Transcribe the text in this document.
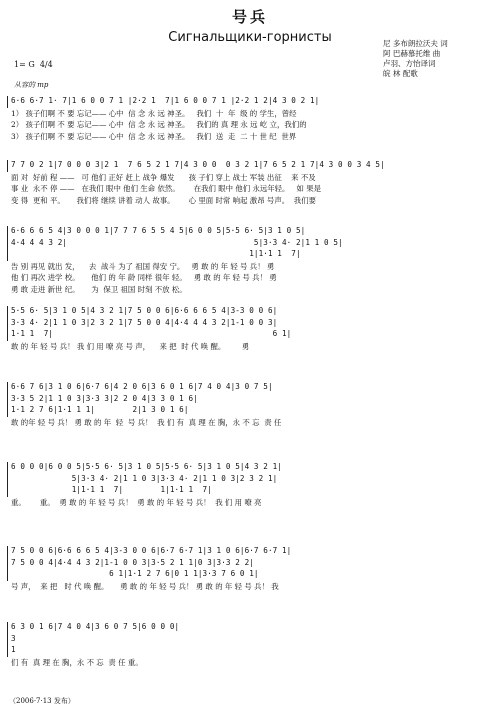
号兵
Сигнальщики-горнисты	尼 多布朗拉沃夫 词
阿 巴赫慕托维 曲
卢羽、方怡译词
皖 林 配歌
1= G  4/4
从容的 mp
6·6 6·7 1· 7|1 6 0 0 7 1 |2·2 1  7|1 6 0 0 7 1 |2·2 1 2|4 3 0 2 1|
1） 孩子们啊 不 要 忘记—— 心中  信 念 永 远 神圣。   我们  十  年  级 的 学生，曾经
2） 孩子们啊 不 要 忘记—— 心中  信 念 永 远 神圣。   我们的 真 理 永 远 屹 立，我们的
3） 孩子们啊 不 要 忘记—— 心中  信 念 永 远 神圣。   我们  送  走  二 十 世 纪  世界
7 7 0 2 1|7 0 0 0 3|2 1  7 6 5 2 1 7|4 3 0 0  0 3 2 1|7 6 5 2 1 7|4 3 0 0 3 4 5|
面 对  好前 程 ——   可 他们 正好 赶上 战争 爆发      孩 子们 穿上 战士 军装 出征    来 不及
事 业  永不 停 ——   在我们 眼中 他们 生命 依然。      在我们 眼中 他们 永远年轻。   如 果是
变 得  更和 平。     我们将 继续 讲着 动人 故事。      心 里面 时常 响起 激昂 号声。  我们要
6·6 6 6 5 4|3 0 0 0 1|7 7 7 6 5 5 4 5|6 0 0 5|5·5 6· 5|3 1 0 5|
4·4 4 4 3 2|                                        5|3·3 4· 2|1 1 0 5|
1|1·1 1  7|
告 别 再见 就出 发，    去  战斗 为了 祖国 得安 宁。   勇 敢 的 年 轻 号 兵！ 勇
他 们 再次 进学 校。     他们 的 年 龄 同样 很年 轻。   勇 敢 的 年 轻 号 兵！ 勇
勇 敢 走进 新世 纪。     为  保卫 祖国 时刻 不放 松。
5·5 6· 5|3 1 0 5|4 3 2 1|7 5 0 0 6|6·6 6 6 5 4|3-3 0 0 6|
3·3 4· 2|1 1 0 3|2 3 2 1|7 5 0 0 4|4·4 4 4 3 2|1-1 0 0 3|
1·1 1  7|                                               6 1|
敢 的 年 轻 号 兵！ 我 们 用 嘹 亮 号 声，    来 把  时 代 唤 醒。       勇
6·6 7 6|3 1 0 6|6·7 6|4 2 0 6|3 6 0 1 6|7 4 0 4|3 0 7 5|
3·3 5 2|1 1 0 3|3·3 3|2 2 0 4|3 3 0 1 6|
1·1 2 7 6|1·1 1 1|        2|1 3 0 1 6|
敢 的年 轻 号 兵！ 勇 敢 的 年  轻  号 兵！  我 们 有  真 理 在 胸，永 不 忘  责 任
6 0 0 0|6 0 0 5|5·5 6· 5|3 1 0 5|5·5 6· 5|3 1 0 5|4 3 2 1|
5|3·3 4· 2|1 1 0 3|3·3 4· 2|1 1 0 3|2 3 2 1|
1|1·1 1  7|        1|1·1 1  7|
重。      重。  勇 敢 的 年 轻 号 兵！  勇 敢 的 年 轻 号 兵！  我 们 用 嘹 亮
7 5 0 0 6|6·6 6 6 5 4|3-3 0 0 6|6·7 6·7 1|3 1 0 6|6·7 6·7 1|
7 5 0 0 4|4·4 4 3 2|1-1 0 0 3|3·5 2 1 1|0 3|3·3 2 2|
6 1|1·1 2 7 6|0 1 1|3·3 7 6 0 1|
号 声，  来 把   时 代 唤 醒。     勇 敢 的 年 轻 号 兵！ 勇 敢 的 年 轻 号 兵！ 我
6 3 0 1 6|7 4 0 4|3 6 0 7 5|6 0 0 0|
3
1
们 有  真 理 在 胸，永 不 忘  责 任 重。
（2006·7·13 发布）
